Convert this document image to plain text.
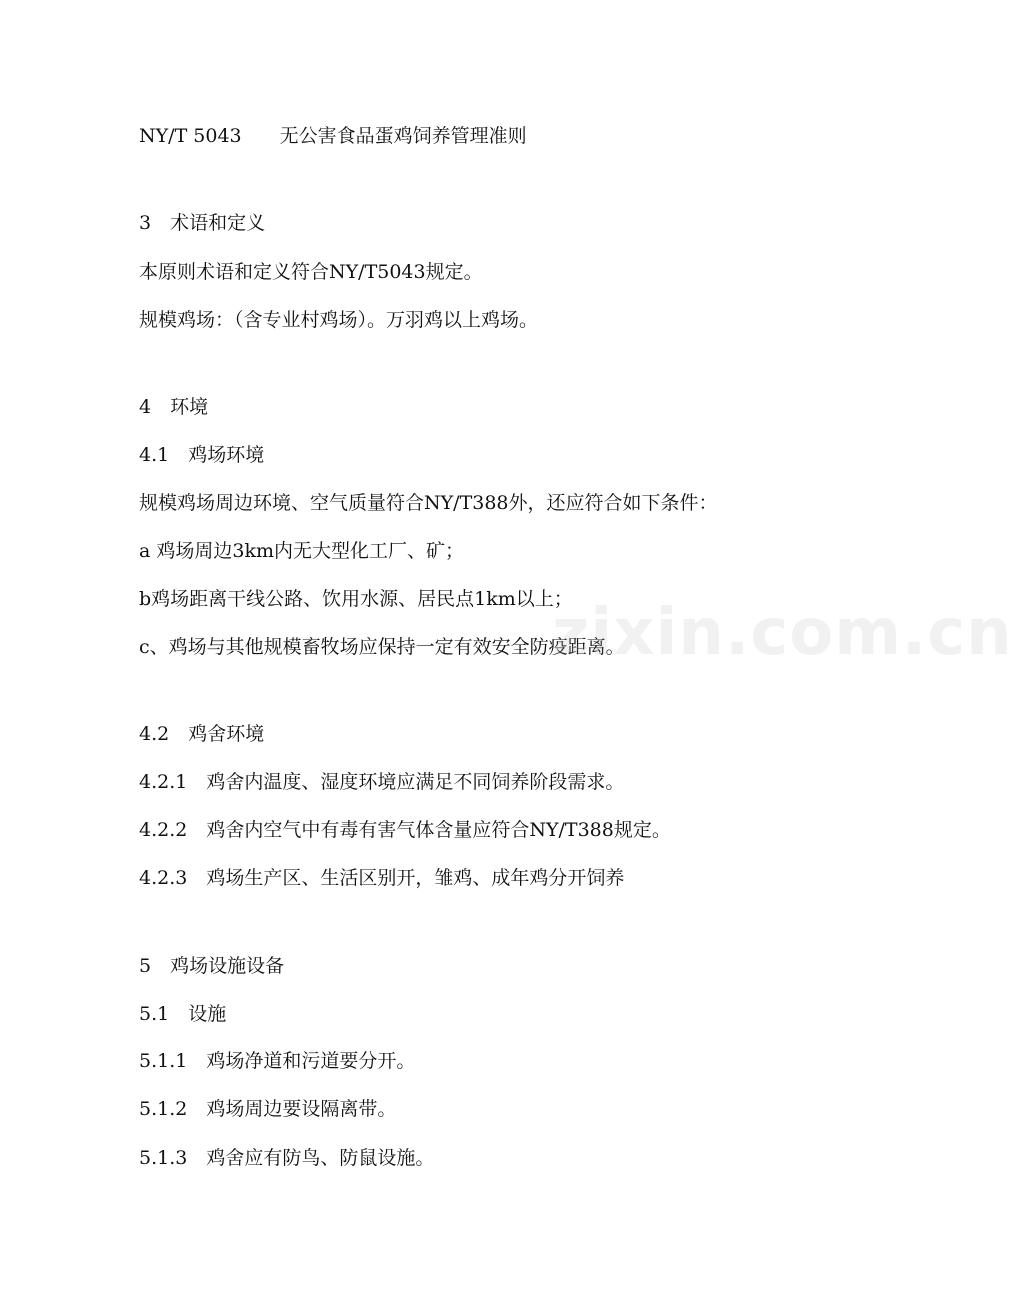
NY/T 5043　　无公害食品蛋鸡饲养管理准则
3　术语和定义
本原则术语和定义符合NY/T5043规定。
规模鸡场：（含专业村鸡场）。万羽鸡以上鸡场。
4　环境
4.1　鸡场环境
规模鸡场周边环境、空气质量符合NY/T388外，还应符合如下条件：
a 鸡场周边3km内无大型化工厂、矿；
b鸡场距离干线公路、饮用水源、居民点1km以上；
c、鸡场与其他规模畜牧场应保持一定有效安全防疫距离。
4.2　鸡舍环境
4.2.1　鸡舍内温度、湿度环境应满足不同饲养阶段需求。
4.2.2　鸡舍内空气中有毒有害气体含量应符合NY/T388规定。
4.2.3　鸡场生产区、生活区别开，雏鸡、成年鸡分开饲养
5　鸡场设施设备
5.1　设施
5.1.1　鸡场净道和污道要分开。
5.1.2　鸡场周边要设隔离带。
5.1.3　鸡舍应有防鸟、防鼠设施。
zixin.com.cn
